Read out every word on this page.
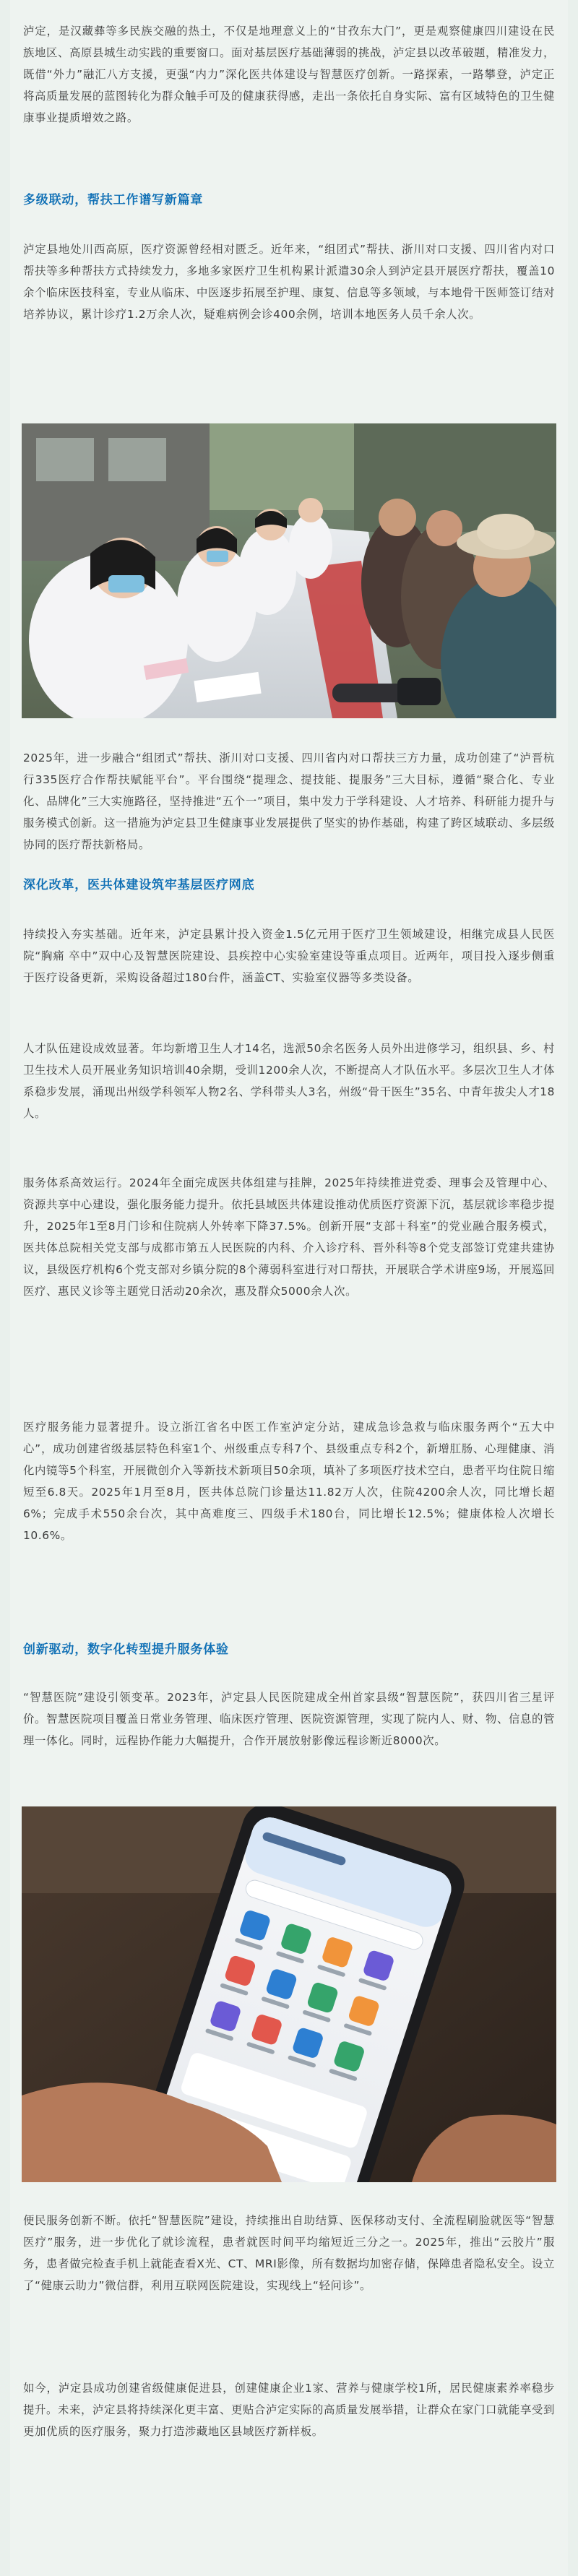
泸定，是汉藏彝等多民族交融的热土，不仅是地理意义上的“甘孜东大门”，更是观察健康四川建设在民族地区、高原县城生动实践的重要窗口。面对基层医疗基础薄弱的挑战，泸定县以改革破题，精准发力，既借“外力”融汇八方支援，更强“内力”深化医共体建设与智慧医疗创新。一路探索，一路攀登，泸定正将高质量发展的蓝图转化为群众触手可及的健康获得感，走出一条依托自身实际、富有区域特色的卫生健康事业提质增效之路。

多级联动，帮扶工作谱写新篇章

泸定县地处川西高原，医疗资源曾经相对匮乏。近年来，“组团式”帮扶、浙川对口支援、四川省内对口帮扶等多种帮扶方式持续发力，多地多家医疗卫生机构累计派遣30余人到泸定县开展医疗帮扶，覆盖10余个临床医技科室，专业从临床、中医逐步拓展至护理、康复、信息等多领域，与本地骨干医师签订结对培养协议，累计诊疗1.2万余人次，疑难病例会诊400余例，培训本地医务人员千余人次。

2025年，进一步融合“组团式”帮扶、浙川对口支援、四川省内对口帮扶三方力量，成功创建了“泸晋杭行335医疗合作帮扶赋能平台”。平台围绕“提理念、提技能、提服务”三大目标，遵循“聚合化、专业化、品牌化”三大实施路径，坚持推进“五个一”项目，集中发力于学科建设、人才培养、科研能力提升与服务模式创新。这一措施为泸定县卫生健康事业发展提供了坚实的协作基础，构建了跨区域联动、多层级协同的医疗帮扶新格局。

深化改革，医共体建设筑牢基层医疗网底

持续投入夯实基础。近年来，泸定县累计投入资金1.5亿元用于医疗卫生领域建设，相继完成县人民医院“胸痛 卒中”双中心及智慧医院建设、县疾控中心实验室建设等重点项目。近两年，项目投入逐步侧重于医疗设备更新，采购设备超过180台件，涵盖CT、实验室仪器等多类设备。

人才队伍建设成效显著。年均新增卫生人才14名，选派50余名医务人员外出进修学习，组织县、乡、村卫生技术人员开展业务知识培训40余期，受训1200余人次，不断提高人才队伍水平。多层次卫生人才体系稳步发展，涌现出州级学科领军人物2名、学科带头人3名，州级“骨干医生”35名、中青年拔尖人才18人。

服务体系高效运行。2024年全面完成医共体组建与挂牌，2025年持续推进党委、理事会及管理中心、资源共享中心建设，强化服务能力提升。依托县域医共体建设推动优质医疗资源下沉，基层就诊率稳步提升，2025年1至8月门诊和住院病人外转率下降37.5%。创新开展“支部＋科室”的党业融合服务模式，医共体总院相关党支部与成都市第五人民医院的内科、介入诊疗科、晋外科等8个党支部签订党建共建协议，县级医疗机构6个党支部对乡镇分院的8个薄弱科室进行对口帮扶，开展联合学术讲座9场，开展巡回医疗、惠民义诊等主题党日活动20余次，惠及群众5000余人次。

医疗服务能力显著提升。设立浙江省名中医工作室泸定分站，建成急诊急救与临床服务两个“五大中心”，成功创建省级基层特色科室1个、州级重点专科7个、县级重点专科2个，新增肛肠、心理健康、消化内镜等5个科室，开展微创介入等新技术新项目50余项，填补了多项医疗技术空白，患者平均住院日缩短至6.8天。2025年1月至8月，医共体总院门诊量达11.82万人次，住院4200余人次，同比增长超6%；完成手术550余台次，其中高难度三、四级手术180台，同比增长12.5%；健康体检人次增长10.6%。

创新驱动，数字化转型提升服务体验

“智慧医院”建设引领变革。2023年，泸定县人民医院建成全州首家县级“智慧医院”，获四川省三星评价。智慧医院项目覆盖日常业务管理、临床医疗管理、医院资源管理，实现了院内人、财、物、信息的管理一体化。同时，远程协作能力大幅提升，合作开展放射影像远程诊断近8000次。

便民服务创新不断。依托“智慧医院”建设，持续推出自助结算、医保移动支付、全流程刷脸就医等“智慧医疗”服务，进一步优化了就诊流程，患者就医时间平均缩短近三分之一。2025年，推出“云胶片”服务，患者做完检查手机上就能查看X光、CT、MRI影像，所有数据均加密存储，保障患者隐私安全。设立了“健康云助力”微信群，利用互联网医院建设，实现线上“轻问诊”。

如今，泸定县成功创建省级健康促进县，创建健康企业1家、营养与健康学校1所，居民健康素养率稳步提升。未来，泸定县将持续深化更丰富、更贴合泸定实际的高质量发展举措，让群众在家门口就能享受到更加优质的医疗服务，聚力打造涉藏地区县域医疗新样板。
